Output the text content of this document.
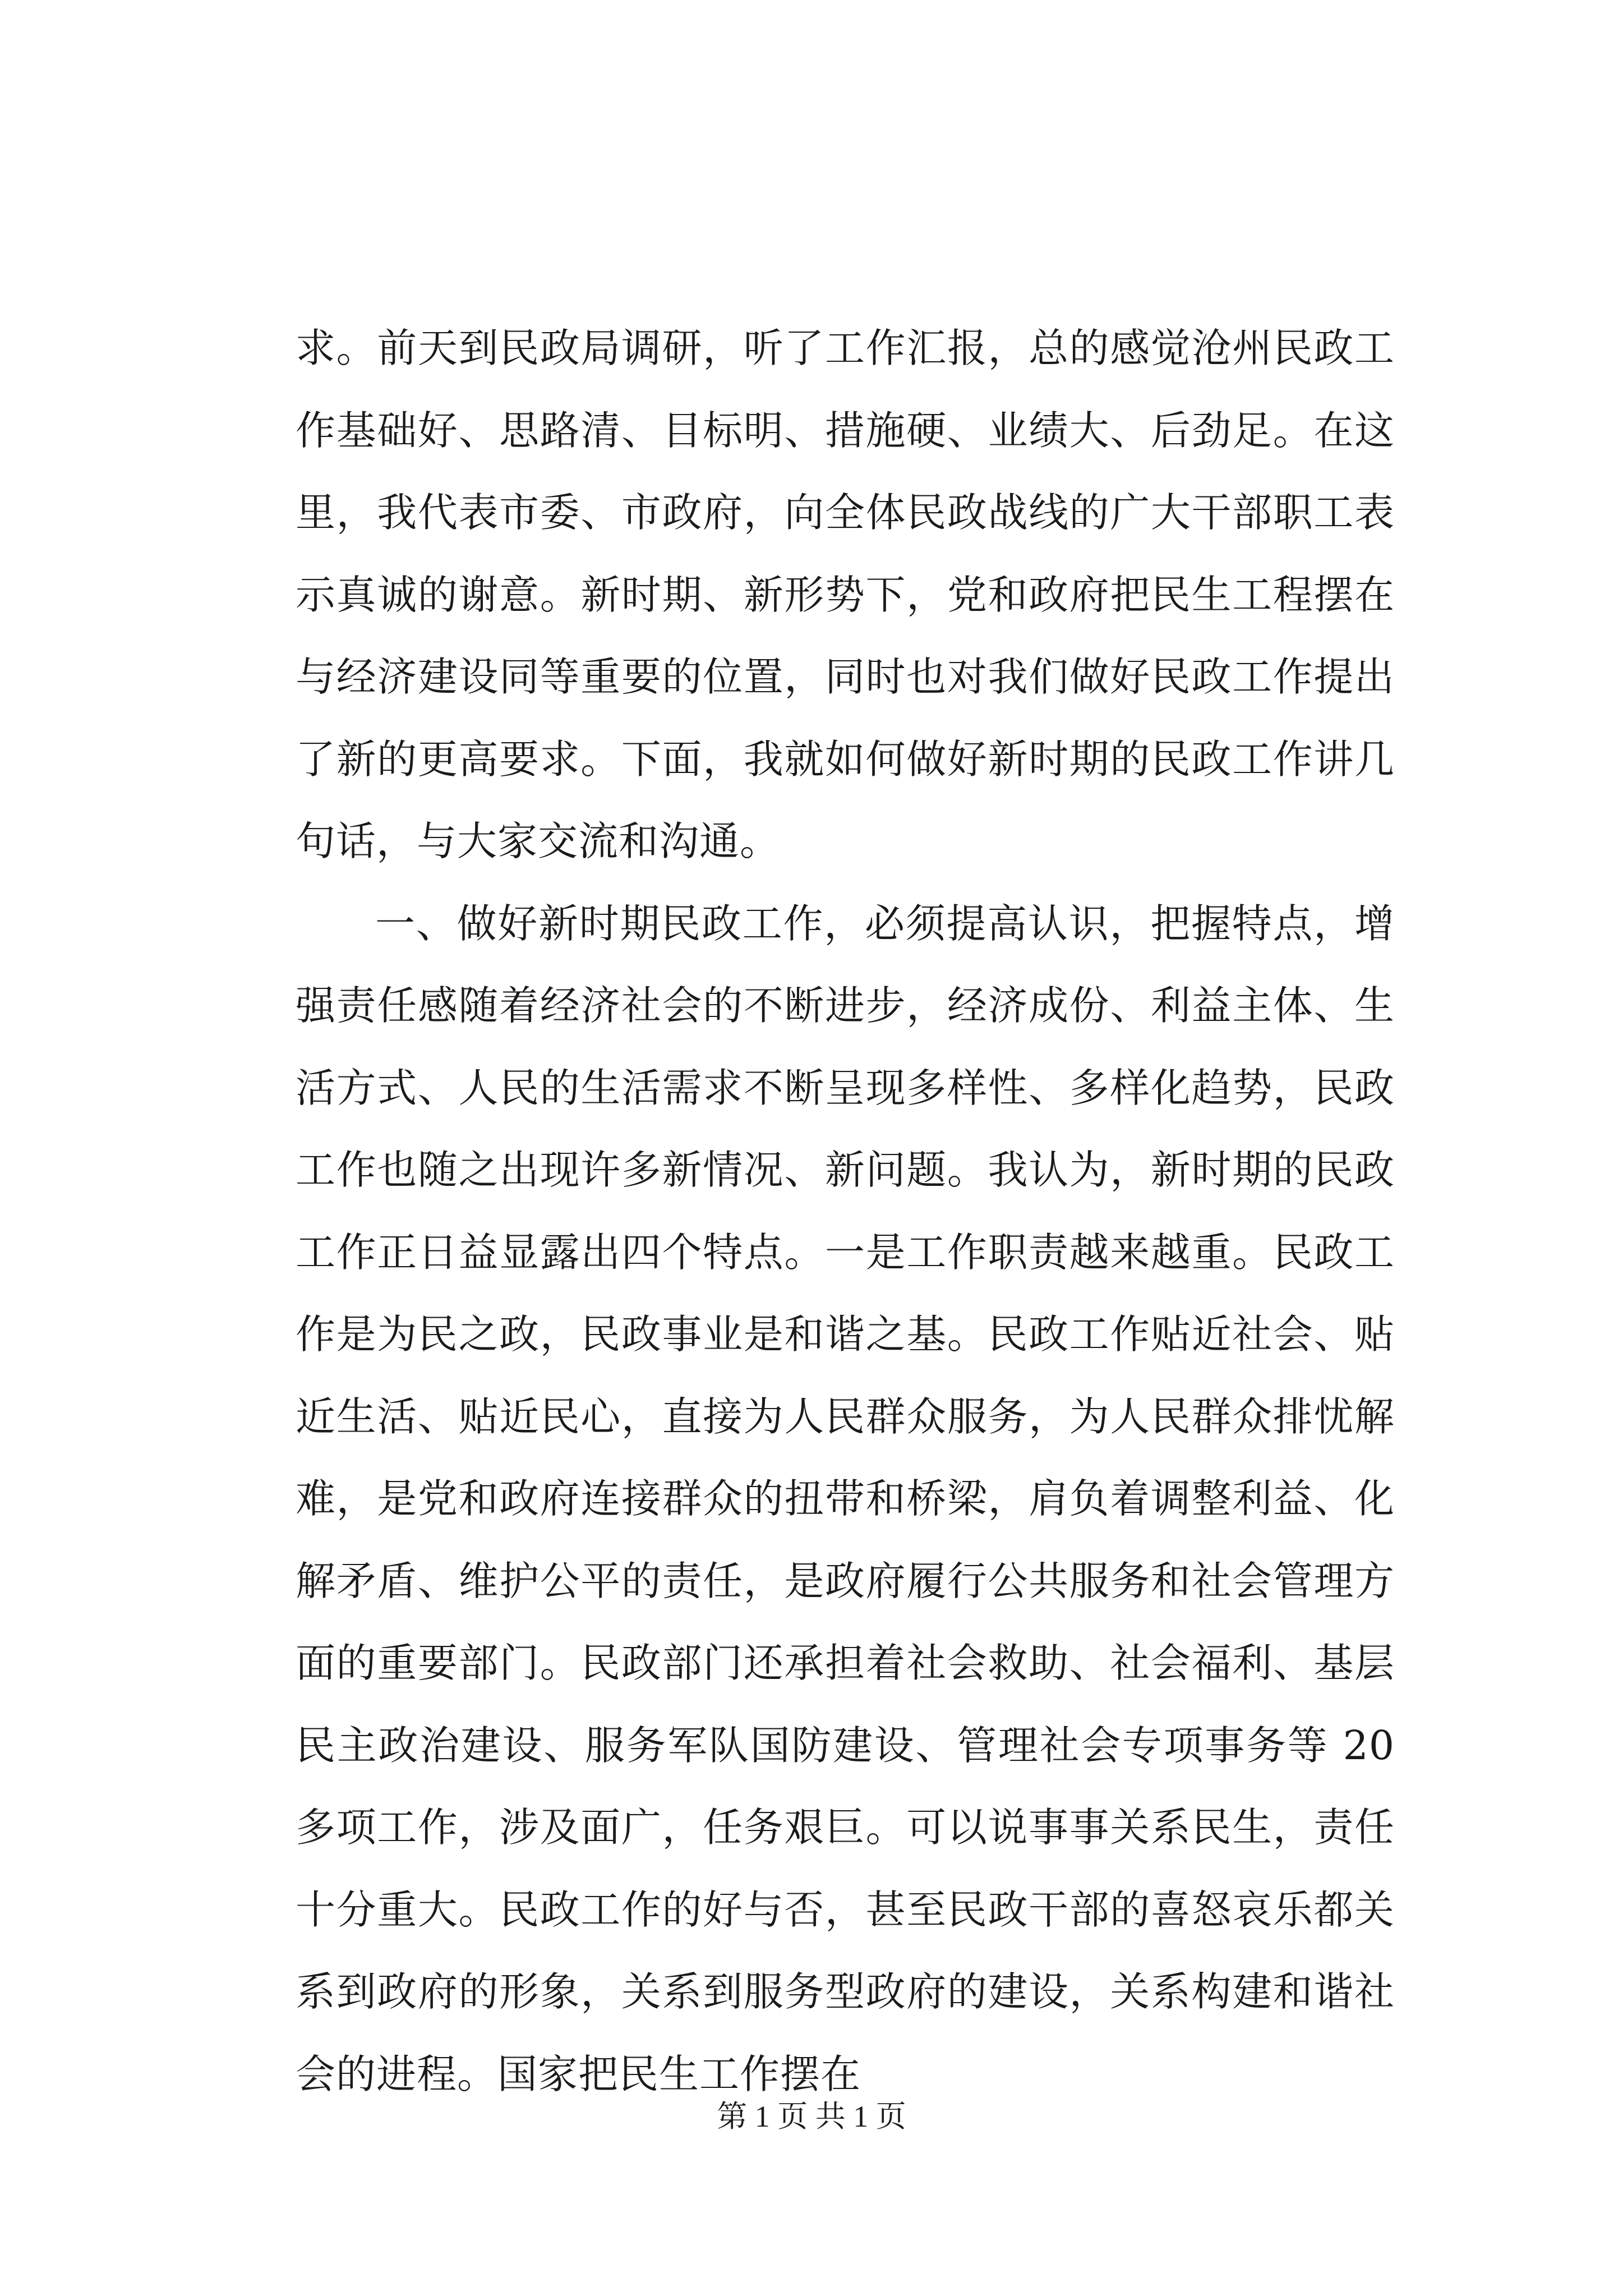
求。前天到民政局调研，听了工作汇报，总的感觉沧州民政工作基础好、思路清、目标明、措施硬、业绩大、后劲足。在这里，我代表市委、市政府，向全体民政战线的广大干部职工表示真诚的谢意。新时期、新形势下，党和政府把民生工程摆在与经济建设同等重要的位置，同时也对我们做好民政工作提出了新的更高要求。下面，我就如何做好新时期的民政工作讲几句话，与大家交流和沟通。

一、做好新时期民政工作，必须提高认识，把握特点，增强责任感随着经济社会的不断进步，经济成份、利益主体、生活方式、人民的生活需求不断呈现多样性、多样化趋势，民政工作也随之出现许多新情况、新问题。我认为，新时期的民政工作正日益显露出四个特点。一是工作职责越来越重。民政工作是为民之政，民政事业是和谐之基。民政工作贴近社会、贴近生活、贴近民心，直接为人民群众服务，为人民群众排忧解难，是党和政府连接群众的扭带和桥梁，肩负着调整利益、化解矛盾、维护公平的责任，是政府履行公共服务和社会管理方面的重要部门。民政部门还承担着社会救助、社会福利、基层民主政治建设、服务军队国防建设、管理社会专项事务等 20 多项工作，涉及面广，任务艰巨。可以说事事关系民生，责任十分重大。民政工作的好与否，甚至民政干部的喜怒哀乐都关系到政府的形象，关系到服务型政府的建设，关系构建和谐社会的进程。国家把民生工作摆在

第 1 页 共 1 页
